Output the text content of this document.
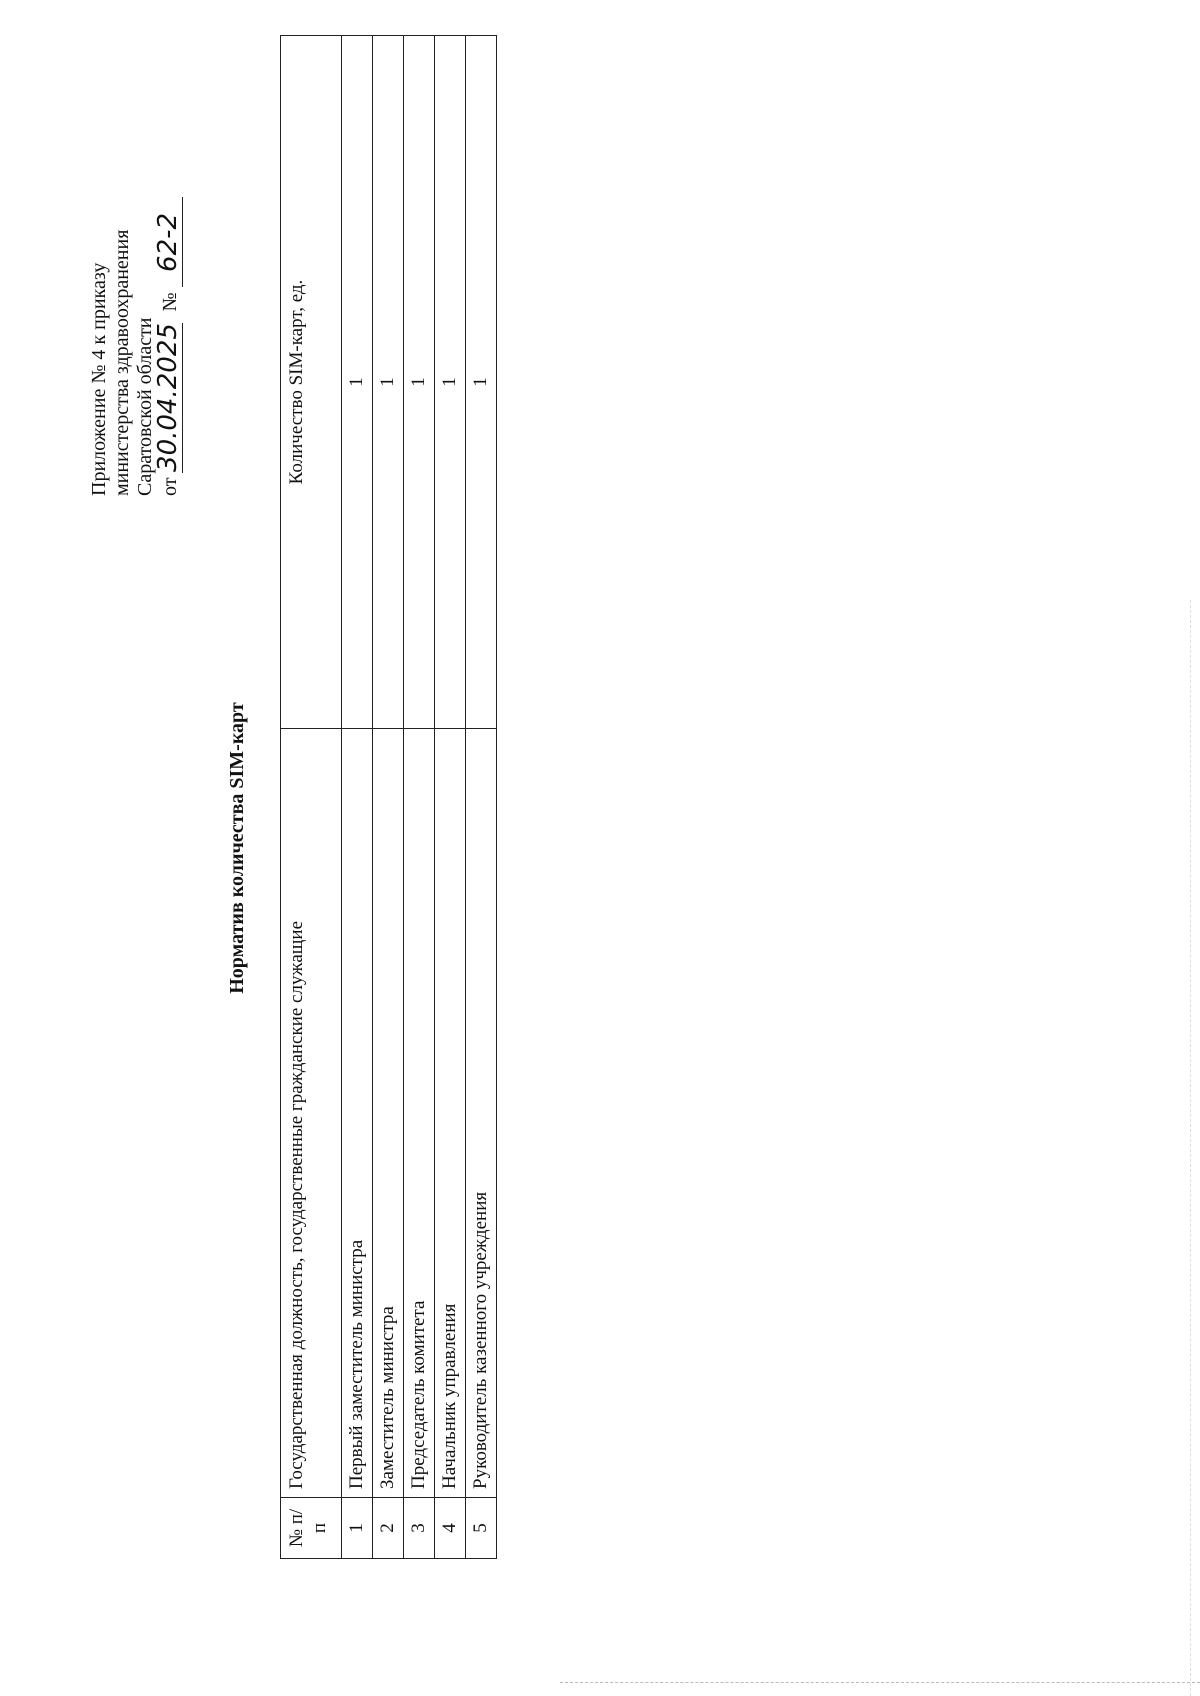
Приложение № 4 к приказу министерства здравоохранения Саратовской области от 30.04.2025 № 62-2
Норматив количества SIM-карт
№ п/п	Государственная должность, государственные гражданские служащие	Количество SIM-карт, ед.
1	Первый заместитель министра	1
2	Заместитель министра	1
3	Председатель комитета	1
4	Начальник управления	1
5	Руководитель казенного учреждения	1
